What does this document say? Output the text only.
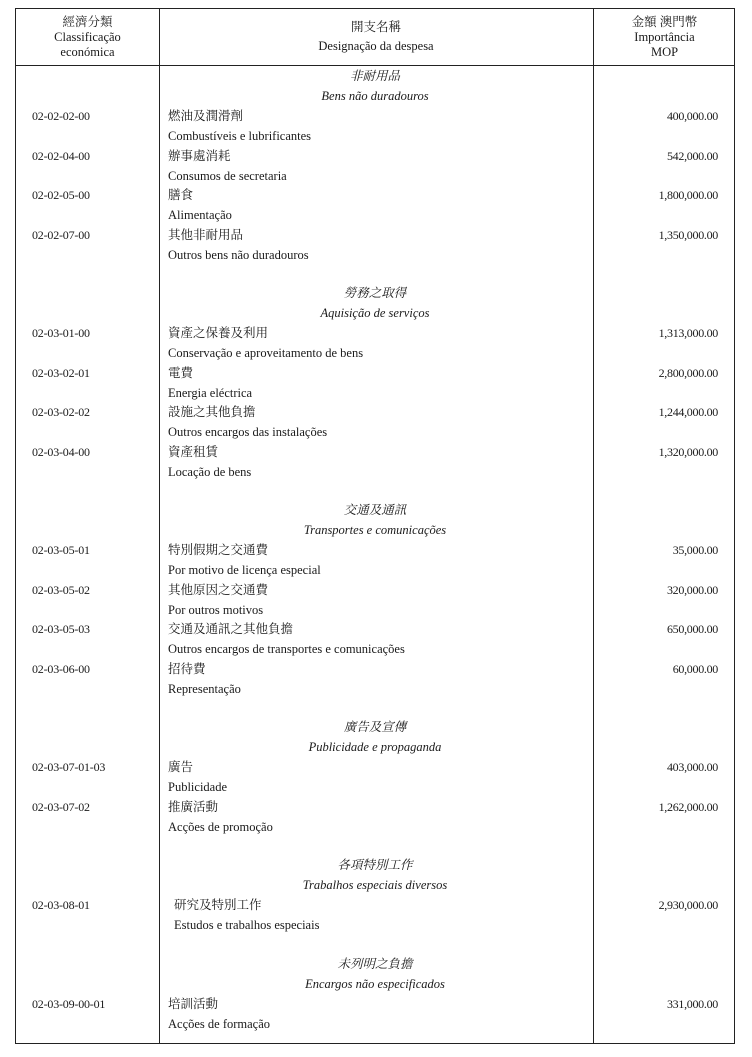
經濟分類
Classificação
económica
開支名稱
Designação da despesa
金額 澳門幣
Importância
MOP
非耐用品
Bens não duradouros
02-02-02-00	燃油及潤滑劑
Combustíveis e lubrificantes
400,000.00
02-02-04-00	辦事處消耗
Consumos de secretaria
542,000.00
02-02-05-00	膳食
Alimentação
1,800,000.00
02-02-07-00	其他非耐用品
Outros bens não duradouros
1,350,000.00
勞務之取得
Aquisição de serviços
02-03-01-00	資產之保養及利用
Conservação e aproveitamento de bens
1,313,000.00
02-03-02-01	電費
Energia eléctrica
2,800,000.00
02-03-02-02	設施之其他負擔
Outros encargos das instalações
1,244,000.00
02-03-04-00	資產租賃
Locação de bens
1,320,000.00
交通及通訊
Transportes e comunicações
02-03-05-01	特別假期之交通費
Por motivo de licença especial
35,000.00
02-03-05-02	其他原因之交通費
Por outros motivos
320,000.00
02-03-05-03	交通及通訊之其他負擔
Outros encargos de transportes e comunicações
650,000.00
02-03-06-00	招待費
Representação
60,000.00
廣告及宣傳
Publicidade e propaganda
02-03-07-01-03	廣告
Publicidade
403,000.00
02-03-07-02	推廣活動
Acções de promoção
1,262,000.00
各項特別工作
Trabalhos especiais diversos
02-03-08-01	研究及特別工作
Estudos e trabalhos especiais
2,930,000.00
未列明之負擔
Encargos não especificados
02-03-09-00-01	培訓活動
Acções de formação
331,000.00
